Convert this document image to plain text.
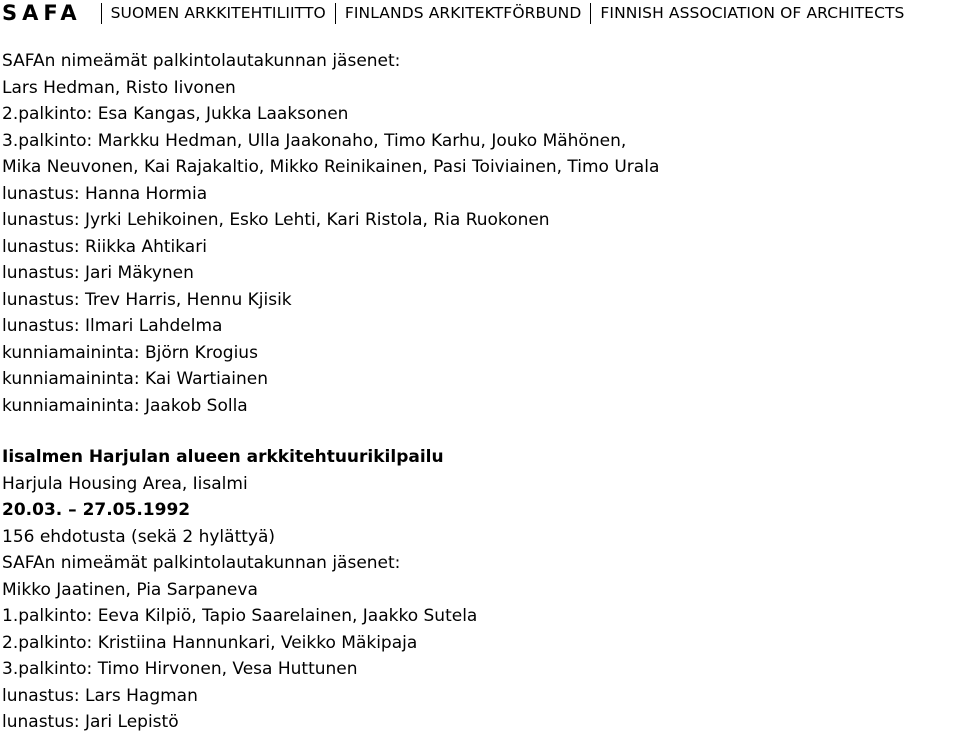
SAFA SUOMEN ARKKITEHTILIITTO FINLANDS ARKITEKTFÖRBUND FINNISH ASSOCIATION OF ARCHITECTS
SAFAn nimeämät palkintolautakunnan jäsenet:
Lars Hedman, Risto Iivonen
2.palkinto: Esa Kangas, Jukka Laaksonen
3.palkinto: Markku Hedman, Ulla Jaakonaho, Timo Karhu, Jouko Mähönen,
Mika Neuvonen, Kai Rajakaltio, Mikko Reinikainen, Pasi Toiviainen, Timo Urala
lunastus: Hanna Hormia
lunastus: Jyrki Lehikoinen, Esko Lehti, Kari Ristola, Ria Ruokonen
lunastus: Riikka Ahtikari
lunastus: Jari Mäkynen
lunastus: Trev Harris, Hennu Kjisik
lunastus: Ilmari Lahdelma
kunniamaininta: Björn Krogius
kunniamaininta: Kai Wartiainen
kunniamaininta: Jaakob Solla
Iisalmen Harjulan alueen arkkitehtuurikilpailu
Harjula Housing Area, Iisalmi
20.03. – 27.05.1992
156 ehdotusta (sekä 2 hylättyä)
SAFAn nimeämät palkintolautakunnan jäsenet:
Mikko Jaatinen, Pia Sarpaneva
1.palkinto: Eeva Kilpiö, Tapio Saarelainen, Jaakko Sutela
2.palkinto: Kristiina Hannunkari, Veikko Mäkipaja
3.palkinto: Timo Hirvonen, Vesa Huttunen
lunastus: Lars Hagman
lunastus: Jari Lepistö
